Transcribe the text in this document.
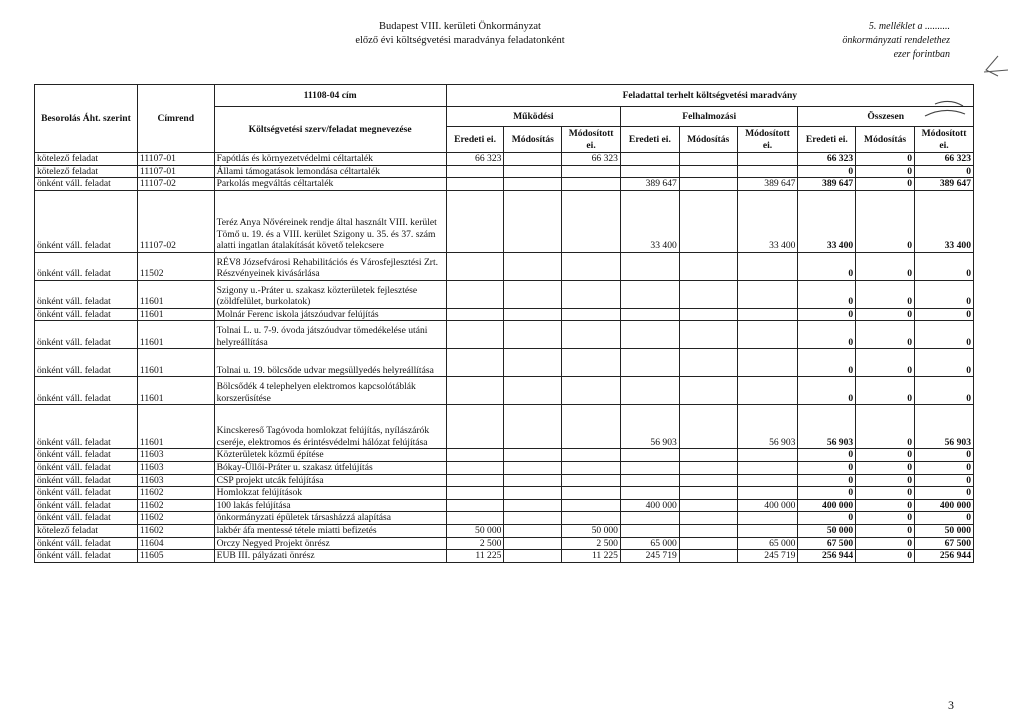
Budapest VIII. kerületi Önkormányzat
előző évi költségvetési maradványa feladatonként
5. melléklet a ..........
önkormányzati rendelethez
ezer forintban
Besorolás Áht. szerint	Címrend	11108-04 cím	Feladattal terhelt költségvetési maradvány								
		Költségvetési szerv/feladat megnevezése	Működési			Felhalmozási			Összesen		
			Eredeti ei.	Módosítás	Módosított ei.	Eredeti ei.	Módosítás	Módosított ei.	Eredeti ei.	Módosítás	Módosított ei.
kötelező feladat	11107-01	Fapótlás és környezetvédelmi céltartalék	66 323		66 323				66 323	0	66 323
kötelező feladat	11107-01	Állami támogatások lemondása céltartalék							0	0	0
önként váll. feladat	11107-02	Parkolás megváltás céltartalék				389 647		389 647	389 647	0	389 647
önként váll. feladat	11107-02	Teréz Anya Nővéreinek rendje által használt VIII. kerület Tömő u. 19. és a VIII. kerület Szigony u. 35. és 37. szám alatti ingatlan átalakítását követő telekcsere				33 400		33 400	33 400	0	33 400
önként váll. feladat	11502	RÉV8 Józsefvárosi Rehabilitációs és Városfejlesztési Zrt. Részvényeinek kivásárlása							0	0	0
önként váll. feladat	11601	Szigony u.-Práter u. szakasz közterületek fejlesztése (zöldfelület, burkolatok)							0	0	0
önként váll. feladat	11601	Molnár Ferenc iskola játszóudvar felújítás							0	0	0
önként váll. feladat	11601	Tolnai L. u. 7-9. óvoda játszóudvar tömedékelése utáni helyreállítása							0	0	0
önként váll. feladat	11601	Tolnai u. 19. bölcsőde udvar megsüllyedés helyreállítása							0	0	0
önként váll. feladat	11601	Bölcsődék 4 telephelyen elektromos kapcsolótáblák korszerűsítése							0	0	0
önként váll. feladat	11601	Kincskereső Tagóvoda homlokzat felújítás, nyílászárók cseréje, elektromos és érintésvédelmi hálózat felújítása				56 903		56 903	56 903	0	56 903
önként váll. feladat	11603	Közterületek közmű építése							0	0	0
önként váll. feladat	11603	Bókay-Üllői-Práter u. szakasz útfelújítás							0	0	0
önként váll. feladat	11603	CSP projekt utcák felújítása							0	0	0
önként váll. feladat	11602	Homlokzat felújítások							0	0	0
önként váll. feladat	11602	100 lakás felújítása				400 000		400 000	400 000	0	400 000
önként váll. feladat	11602	önkormányzati épületek társasházzá alapítása							0	0	0
kötelező feladat	11602	lakbér áfa mentessé tétele miatti befizetés	50 000		50 000				50 000	0	50 000
önként váll. feladat	11604	Orczy Negyed Projekt önrész	2 500		2 500	65 000		65 000	67 500	0	67 500
önként váll. feladat	11605	EUB III. pályázati önrész	11 225		11 225	245 719		245 719	256 944	0	256 944
3
